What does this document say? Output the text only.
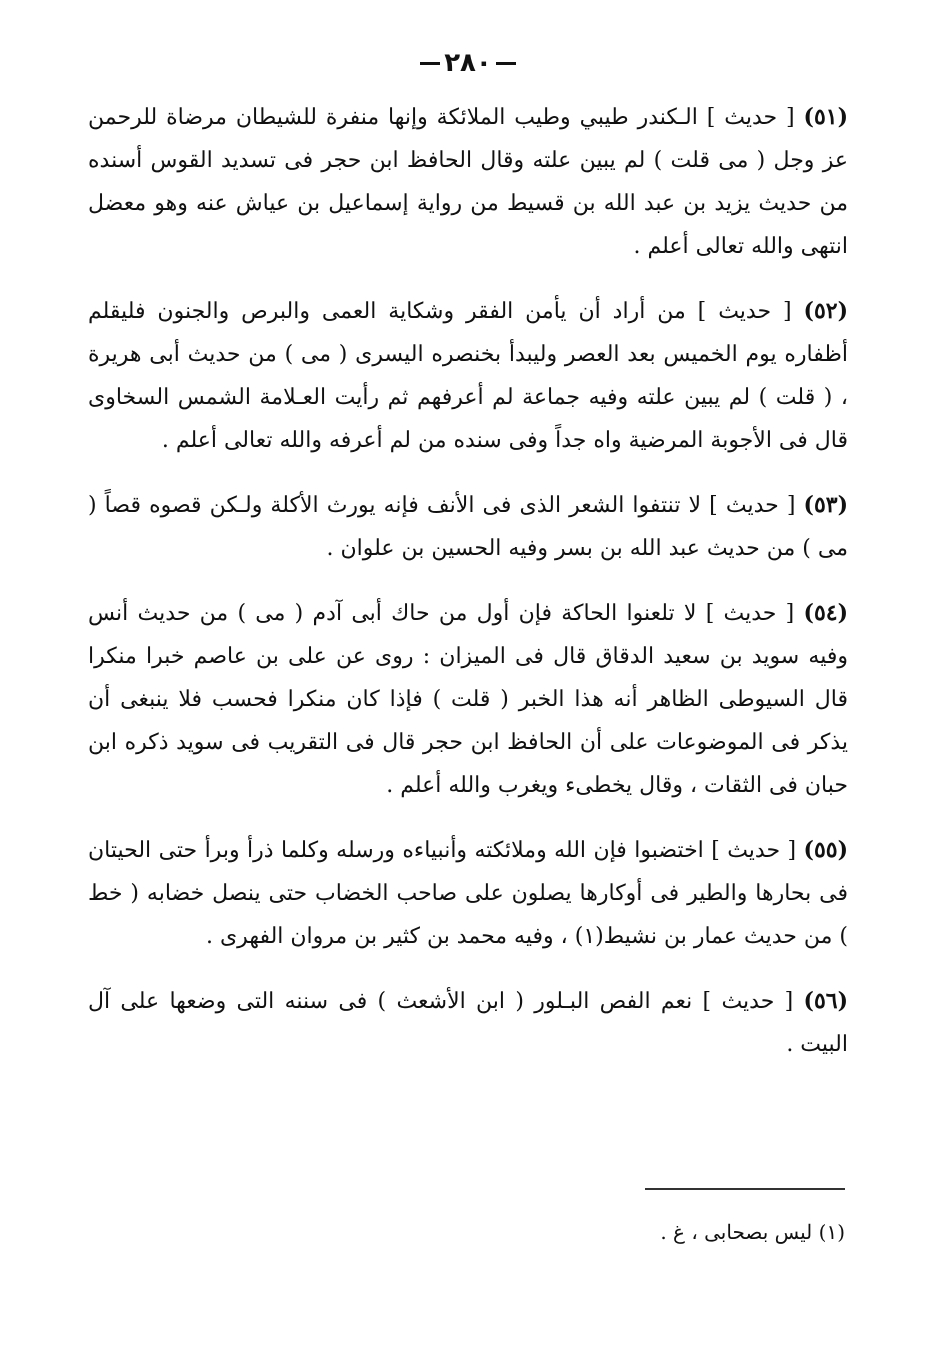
٢٨٠

(٥١) [ حديث ] الـكندر طيبي وطيب الملائكة وإنها منفرة للشيطان مرضاة للرحمن عز وجل ( مى قلت ) لم يبين علته وقال الحافظ ابن حجر فى تسديد القوس أسنده من حديث يزيد بن عبد الله بن قسيط من رواية إسماعيل بن عياش عنه وهو معضل انتهى والله تعالى أعلم .

(٥٢) [ حديث ] من أراد أن يأمن الفقر وشكاية العمى والبرص والجنون فليقلم أظفاره يوم الخميس بعد العصر وليبدأ بخنصره اليسرى ( مى ) من حديث أبى هريرة ، ( قلت ) لم يبين علته وفيه جماعة لم أعرفهم ثم رأيت العـلامة الشمس السخاوى قال فى الأجوبة المرضية واه جداً وفى سنده من لم أعرفه والله تعالى أعلم .

(٥٣) [ حديث ] لا تنتفوا الشعر الذى فى الأنف فإنه يورث الأكلة ولـكن قصوه قصاً ( مى ) من حديث عبد الله بن بسر وفيه الحسين بن علوان .

(٥٤) [ حديث ] لا تلعنوا الحاكة فإن أول من حاك أبى آدم ( مى ) من حديث أنس وفيه سويد بن سعيد الدقاق قال فى الميزان : روى عن على بن عاصم خبرا منكرا قال السيوطى الظاهر أنه هذا الخبر ( قلت ) فإذا كان منكرا فحسب فلا ينبغى أن يذكر فى الموضوعات على أن الحافظ ابن حجر قال فى التقريب فى سويد ذكره ابن حبان فى الثقات ، وقال يخطىء ويغرب والله أعلم .

(٥٥) [ حديث ] اختضبوا فإن الله وملائكته وأنبياءه ورسله وكلما ذرأ وبرأ حتى الحيتان فى بحارها والطير فى أوكارها يصلون على صاحب الخضاب حتى ينصل خضابه ( خط ) من حديث عمار بن نشيط(١) ، وفيه محمد بن كثير بن مروان الفهرى .

(٥٦) [ حديث ] نعم الفص البـلور ( ابن الأشعث ) فى سننه التى وضعها على آل البيت .

(١) ليس بصحابى ، غ .
